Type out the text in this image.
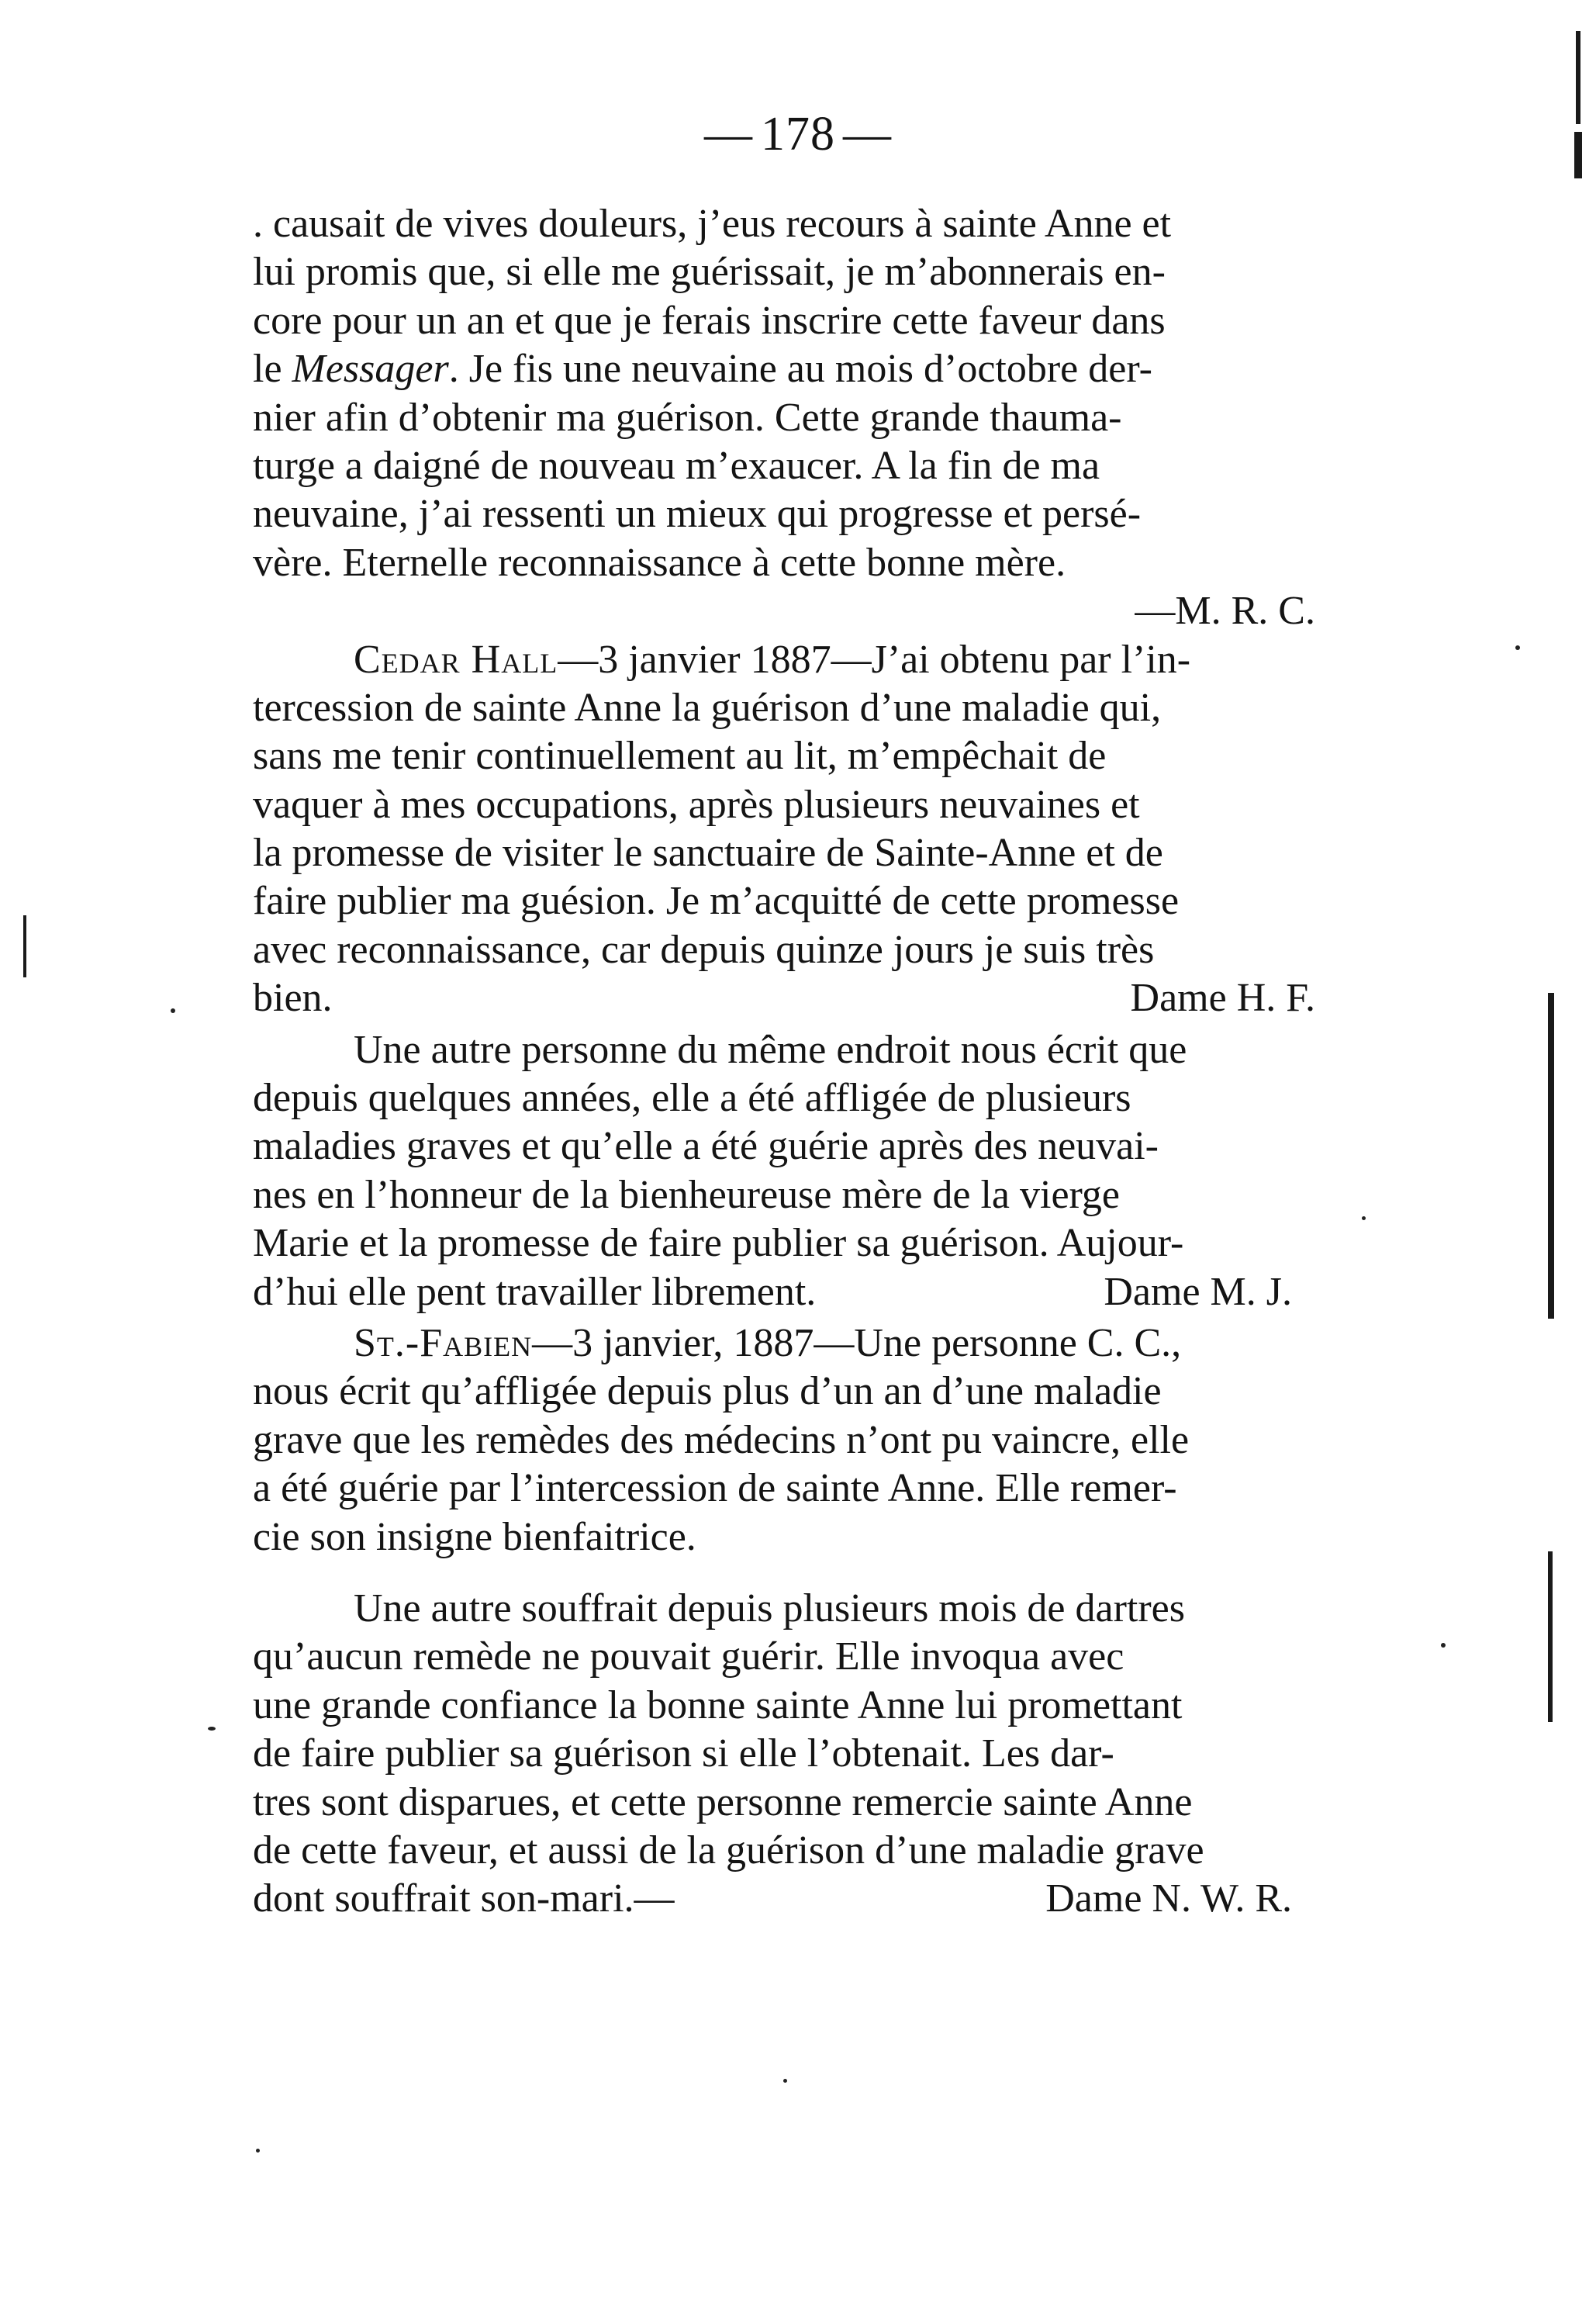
— 178 —
. causait de vives douleurs, j’eus recours à sainte Anne et
lui promis que, si elle me guérissait, je m’abonnerais en-
core pour un an et que je ferais inscrire cette faveur dans
le Messager. Je fis une neuvaine au mois d’octobre der-
nier afin d’obtenir ma guérison. Cette grande thauma-
turge a daigné de nouveau m’exaucer. A la fin de ma
neuvaine, j’ai ressenti un mieux qui progresse et persé-
vère. Eternelle reconnaissance à cette bonne mère.
—M. R. C.
Cedar Hall—3 janvier 1887—J’ai obtenu par l’in-
tercession de sainte Anne la guérison d’une maladie qui,
sans me tenir continuellement au lit, m’empêchait de
vaquer à mes occupations, après plusieurs neuvaines et
la promesse de visiter le sanctuaire de Sainte-Anne et de
faire publier ma guésion. Je m’acquitté de cette promesse
avec reconnaissance, car depuis quinze jours je suis très
bien.	Dame H. F.
Une autre personne du même endroit nous écrit que
depuis quelques années, elle a été affligée de plusieurs
maladies graves et qu’elle a été guérie après des neuvai-
nes en l’honneur de la bienheureuse mère de la vierge
Marie et la promesse de faire publier sa guérison. Aujour-
d’hui elle pent travailler librement.	Dame M. J.
St.-Fabien—3 janvier, 1887—Une personne C. C.,
nous écrit qu’affligée depuis plus d’un an d’une maladie
grave que les remèdes des médecins n’ont pu vaincre, elle
a été guérie par l’intercession de sainte Anne. Elle remer-
cie son insigne bienfaitrice.
Une autre souffrait depuis plusieurs mois de dartres
qu’aucun remède ne pouvait guérir. Elle invoqua avec
une grande confiance la bonne sainte Anne lui promettant
de faire publier sa guérison si elle l’obtenait. Les dar-
tres sont disparues, et cette personne remercie sainte Anne
de cette faveur, et aussi de la guérison d’une maladie grave
dont souffrait son-mari.—	Dame N. W. R.
